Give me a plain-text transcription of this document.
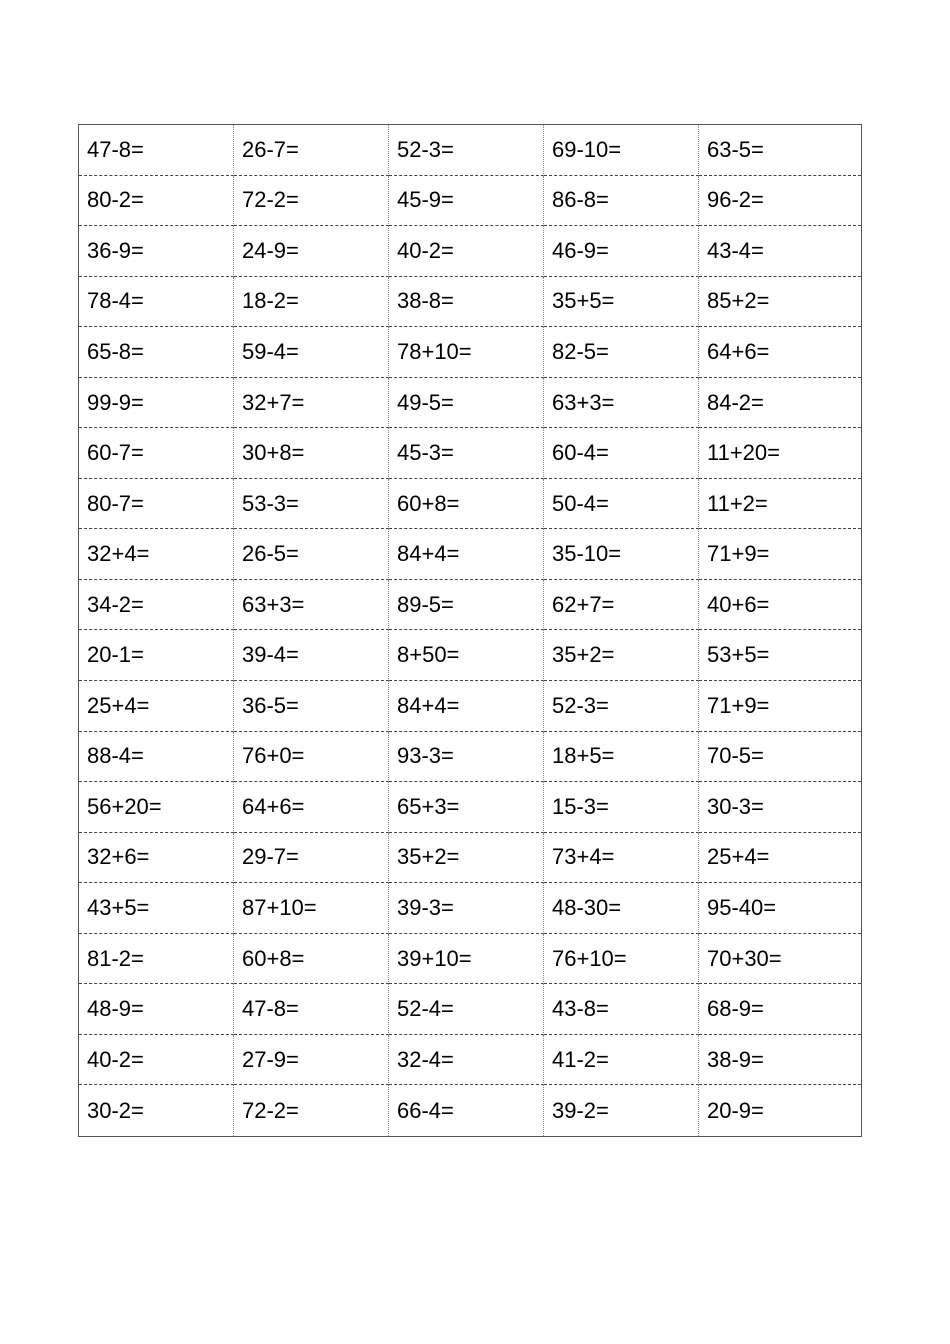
47-8=	26-7=	52-3=	69-10=	63-5=
80-2=	72-2=	45-9=	86-8=	96-2=
36-9=	24-9=	40-2=	46-9=	43-4=
78-4=	18-2=	38-8=	35+5=	85+2=
65-8=	59-4=	78+10=	82-5=	64+6=
99-9=	32+7=	49-5=	63+3=	84-2=
60-7=	30+8=	45-3=	60-4=	11+20=
80-7=	53-3=	60+8=	50-4=	11+2=
32+4=	26-5=	84+4=	35-10=	71+9=
34-2=	63+3=	89-5=	62+7=	40+6=
20-1=	39-4=	8+50=	35+2=	53+5=
25+4=	36-5=	84+4=	52-3=	71+9=
88-4=	76+0=	93-3=	18+5=	70-5=
56+20=	64+6=	65+3=	15-3=	30-3=
32+6=	29-7=	35+2=	73+4=	25+4=
43+5=	87+10=	39-3=	48-30=	95-40=
81-2=	60+8=	39+10=	76+10=	70+30=
48-9=	47-8=	52-4=	43-8=	68-9=
40-2=	27-9=	32-4=	41-2=	38-9=
30-2=	72-2=	66-4=	39-2=	20-9=
